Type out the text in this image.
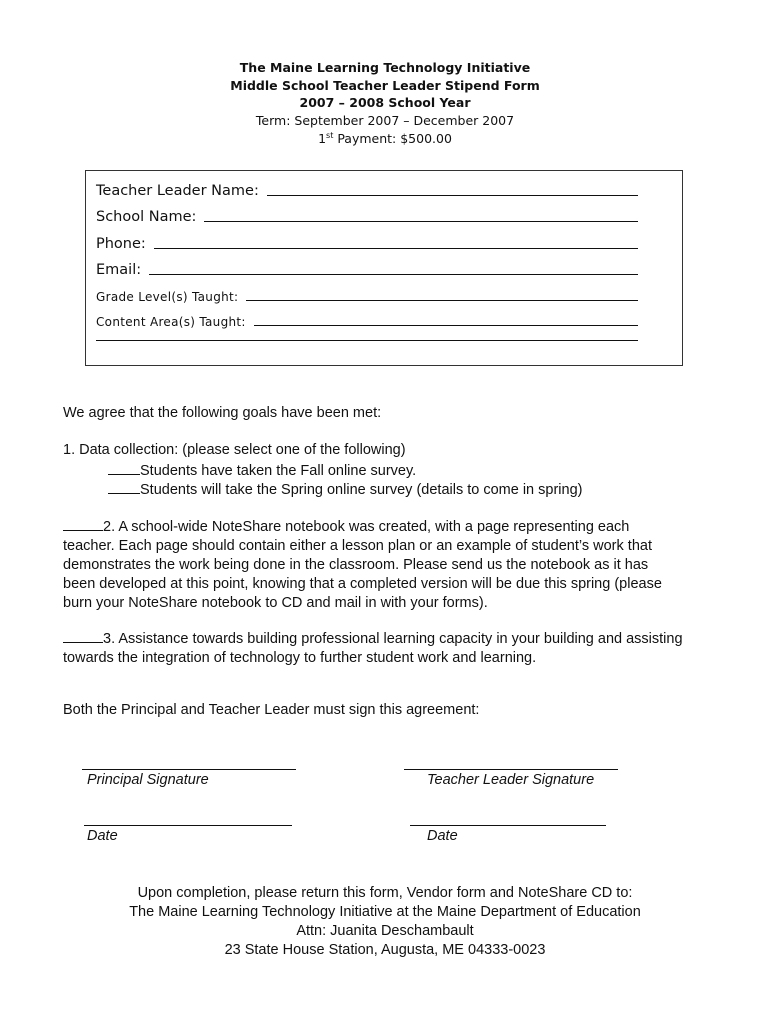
The Maine Learning Technology Initiative
Middle School Teacher Leader Stipend Form
2007 – 2008 School Year
Term: September 2007 – December 2007
1st Payment: $500.00
Teacher Leader Name:
School Name:
Phone:
Email:
Grade Level(s) Taught:
Content Area(s) Taught:
We agree that the following goals have been met:
1. Data collection: (please select one of the following)
Students have taken the Fall online survey.
Students will take the Spring online survey (details to come in spring)
2. A school-wide NoteShare notebook was created, with a page representing each
teacher. Each page should contain either a lesson plan or an example of student’s work that
demonstrates the work being done in the classroom. Please send us the notebook as it has
been developed at this point, knowing that a completed version will be due this spring (please
burn your NoteShare notebook to CD and mail in with your forms).
3. Assistance towards building professional learning capacity in your building and assisting
towards the integration of technology to further student work and learning.
Both the Principal and Teacher Leader must sign this agreement:
Principal Signature	Teacher Leader Signature
Date	Date
Upon completion, please return this form, Vendor form and NoteShare CD to:
The Maine Learning Technology Initiative at the Maine Department of Education
Attn: Juanita Deschambault
23 State House Station, Augusta, ME 04333-0023
